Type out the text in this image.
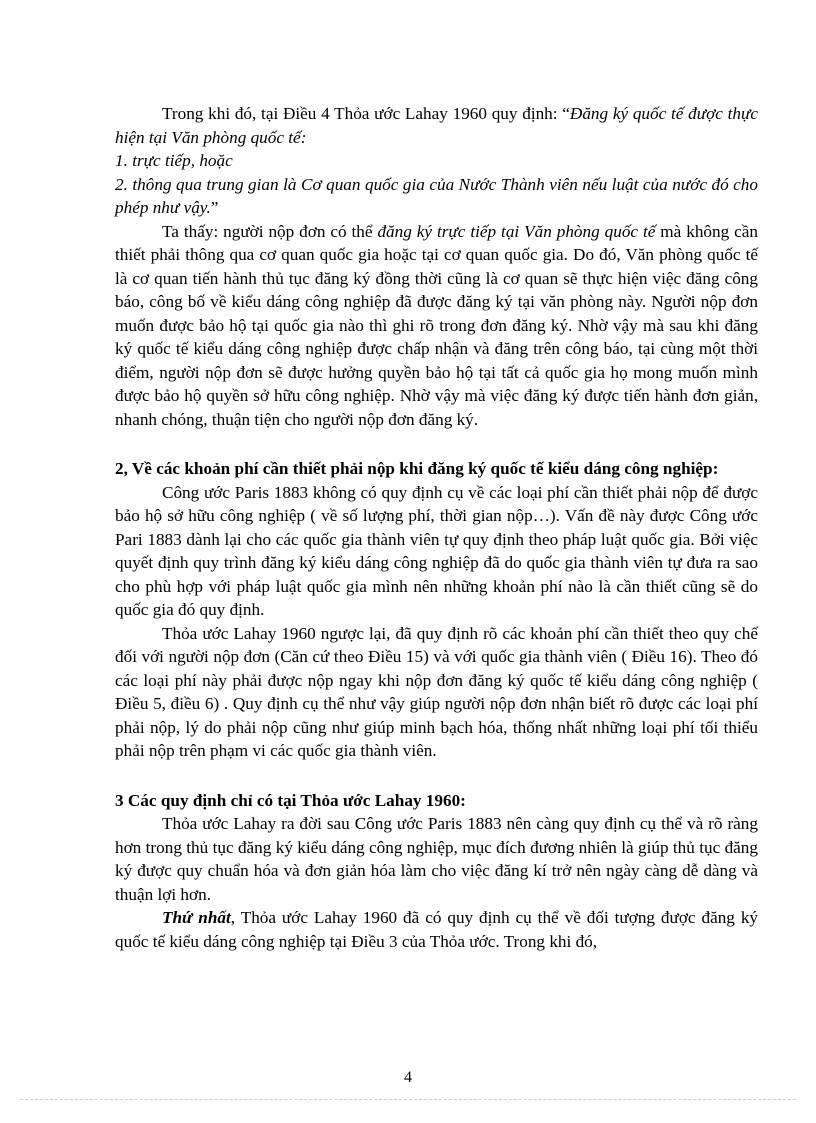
Trong khi đó, tại Điều 4 Thỏa ước Lahay 1960 quy định: “Đăng ký quốc tế được thực hiện tại Văn phòng quốc tế:

1. trực tiếp, hoặc

2. thông qua trung gian là Cơ quan quốc gia của Nước Thành viên nếu luật của nước đó cho phép như vậy.”

Ta thấy: người nộp đơn có thể đăng ký trực tiếp tại Văn phòng quốc tế mà không cần thiết phải thông qua cơ quan quốc gia hoặc tại cơ quan quốc gia. Do đó, Văn phòng quốc tế là cơ quan tiến hành thủ tục đăng ký đồng thời cũng là cơ quan sẽ thực hiện việc đăng công báo, công bố về kiểu dáng công nghiệp đã được đăng ký tại văn phòng này. Người nộp đơn muốn được bảo hộ tại quốc gia nào thì ghi rõ trong đơn đăng ký. Nhờ vậy mà sau khi đăng ký quốc tế kiểu dáng công nghiệp được chấp nhận và đăng trên công báo, tại cùng một thời điểm, người nộp đơn sẽ được hưởng quyền bảo hộ tại tất cả quốc gia họ mong muốn mình được bảo hộ quyền sở hữu công nghiệp. Nhờ vậy mà việc đăng ký được tiến hành đơn giản, nhanh chóng, thuận tiện cho người nộp đơn đăng ký.

2, Về các khoản phí cần thiết phải nộp khi đăng ký quốc tế kiểu dáng công nghiệp:

Công ước Paris 1883 không có quy định cụ về các loại phí cần thiết phải nộp để được bảo hộ sở hữu công nghiệp ( về số lượng phí, thời gian nộp…). Vấn đề này được Công ước Pari 1883 dành lại cho các quốc gia thành viên tự quy định theo pháp luật quốc gia. Bởi việc quyết định quy trình đăng ký kiểu dáng công nghiệp đã do quốc gia thành viên tự đưa ra sao cho phù hợp với pháp luật quốc gia mình nên những khoản phí nào là cần thiết cũng sẽ do quốc gia đó quy định.

Thỏa ước Lahay 1960 ngược lại, đã quy định rõ các khoản phí cần thiết theo quy chế đối với người nộp đơn (Căn cứ theo Điều 15) và với quốc gia thành viên ( Điều 16). Theo đó các loại phí này phải được nộp ngay khi nộp đơn đăng ký quốc tế kiểu dáng công nghiệp ( Điều 5, điều 6) . Quy định cụ thể như vậy giúp người nộp đơn nhận biết rõ được các loại phí phải nộp, lý do phải nộp cũng như giúp minh bạch hóa, thống nhất những loại phí tối thiểu phải nộp trên phạm vi các quốc gia thành viên.

3 Các quy định chỉ có tại Thỏa ước Lahay 1960:

Thỏa ước Lahay ra đời sau Công ước Paris 1883 nên càng quy định cụ thể và rõ ràng hơn trong thủ tục đăng ký kiểu dáng công nghiệp, mục đích đương nhiên là giúp thủ tục đăng ký được quy chuẩn hóa và đơn giản hóa làm cho việc đăng kí trở nên ngày càng dễ dàng và thuận lợi hơn.

Thứ nhất, Thỏa ước Lahay 1960 đã có quy định cụ thể về đối tượng được đăng ký quốc tế kiểu dáng công nghiệp tại Điều 3 của Thỏa ước. Trong khi đó,

4
